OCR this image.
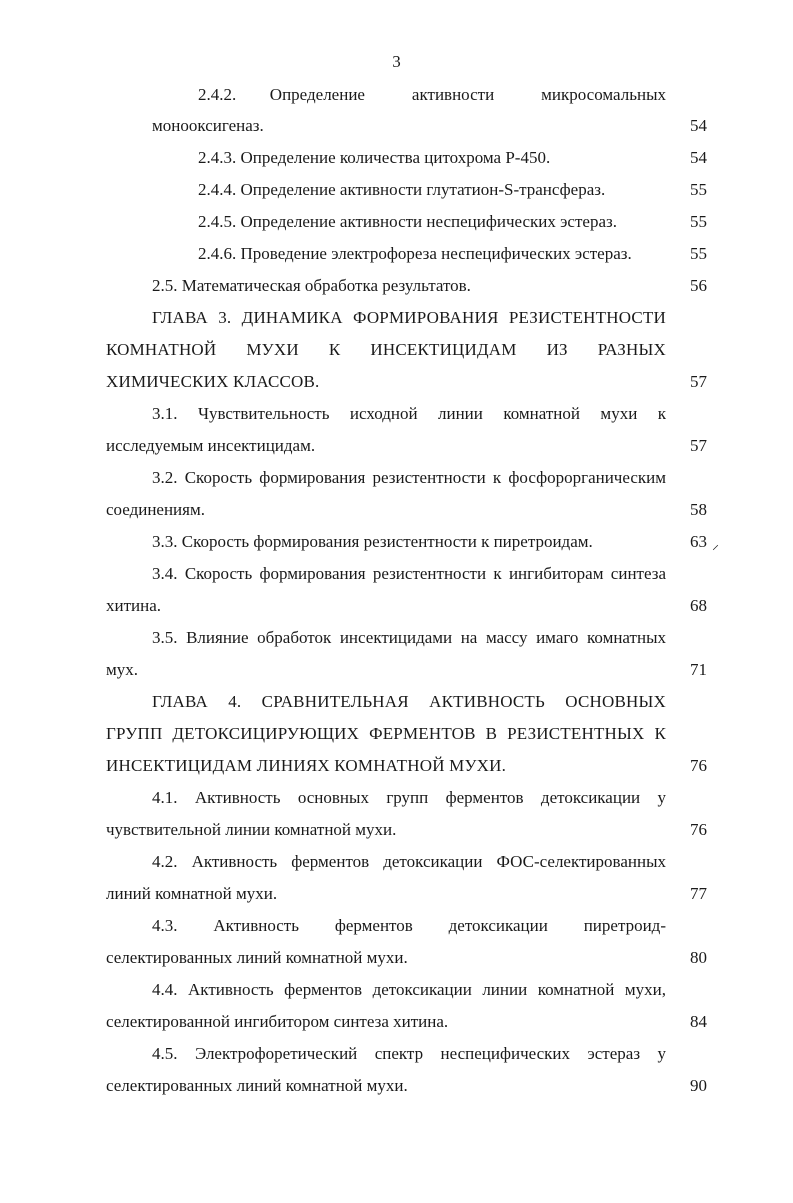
3
2.4.2.     Определение       активности       микросомальных
монооксигеназ.	54
2.4.3. Определение количества цитохрома Р-450.	54
2.4.4. Определение активности глутатион-S-трансфераз.	55
2.4.5. Определение активности неспецифических эстераз.	55
2.4.6. Проведение электрофореза неспецифических эстераз.	55
2.5. Математическая обработка результатов.	56
ГЛАВА 3. ДИНАМИКА ФОРМИРОВАНИЯ РЕЗИСТЕНТНОСТИ
КОМНАТНОЙ МУХИ К ИНСЕКТИЦИДАМ ИЗ РАЗНЫХ
ХИМИЧЕСКИХ КЛАССОВ.	57
3.1. Чувствительность исходной линии комнатной мухи к
исследуемым инсектицидам.	57
3.2. Скорость формирования резистентности к фосфорорганическим
соединениям.	58
3.3. Скорость формирования резистентности к пиретроидам.	63 ⸝
3.4. Скорость формирования резистентности к ингибиторам синтеза
хитина.	68
3.5. Влияние обработок инсектицидами на массу имаго комнатных
мух.	71
ГЛАВА 4. СРАВНИТЕЛЬНАЯ АКТИВНОСТЬ ОСНОВНЫХ
ГРУПП ДЕТОКСИЦИРУЮЩИХ ФЕРМЕНТОВ В РЕЗИСТЕНТНЫХ К
ИНСЕКТИЦИДАМ ЛИНИЯХ КОМНАТНОЙ МУХИ.	76
4.1. Активность основных групп ферментов детоксикации у
чувствительной линии комнатной мухи.	76
4.2. Активность ферментов детоксикации ФОС-селектированных
линий комнатной мухи.	77
4.3.    Активность    ферментов    детоксикации    пиретроид-
селектированных линий комнатной мухи.	80
4.4. Активность ферментов детоксикации линии комнатной мухи,
селектированной ингибитором синтеза хитина.	84
4.5. Электрофоретический спектр неспецифических эстераз у
селектированных линий комнатной мухи.	90
